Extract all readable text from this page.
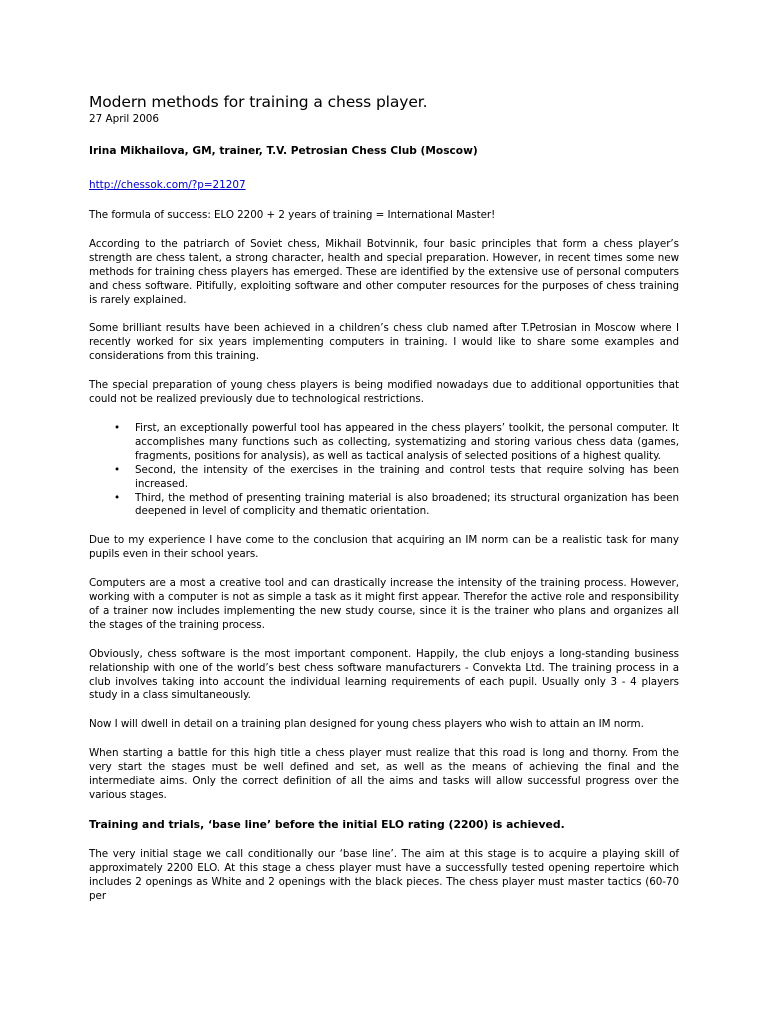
Modern methods for training a chess player.
27 April 2006
Irina Mikhailova, GM, trainer, T.V. Petrosian Chess Club (Moscow)
http://chessok.com/?p=21207

The formula of success: ELO 2200 + 2 years of training = International Master!

According to the patriarch of Soviet chess, Mikhail Botvinnik, four basic principles that form a chess player’s strength are chess talent, a strong character, health and special preparation. However, in recent times some new methods for training chess players has emerged. These are identified by the extensive use of personal computers and chess software. Pitifully, exploiting software and other computer resources for the purposes of chess training is rarely explained.

Some brilliant results have been achieved in a children’s chess club named after T.Petrosian in Moscow where I recently worked for six years implementing computers in training. I would like to share some examples and considerations from this training.

The special preparation of young chess players is being modified nowadays due to additional opportunities that could not be realized previously due to technological restrictions.

• First, an exceptionally powerful tool has appeared in the chess players’ toolkit, the personal computer. It accomplishes many functions such as collecting, systematizing and storing various chess data (games, fragments, positions for analysis), as well as tactical analysis of selected positions of a highest quality.
• Second, the intensity of the exercises in the training and control tests that require solving has been increased.
• Third, the method of presenting training material is also broadened; its structural organization has been deepened in level of complicity and thematic orientation.

Due to my experience I have come to the conclusion that acquiring an IM norm can be a realistic task for many pupils even in their school years.

Computers are a most a creative tool and can drastically increase the intensity of the training process. However, working with a computer is not as simple a task as it might first appear. Therefor the active role and responsibility of a trainer now includes implementing the new study course, since it is the trainer who plans and organizes all the stages of the training process.

Obviously, chess software is the most important component. Happily, the club enjoys a long-standing business relationship with one of the world’s best chess software manufacturers - Convekta Ltd. The training process in a club involves taking into account the individual learning requirements of each pupil. Usually only 3 - 4 players study in a class simultaneously.

Now I will dwell in detail on a training plan designed for young chess players who wish to attain an IM norm.

When starting a battle for this high title a chess player must realize that this road is long and thorny. From the very start the stages must be well defined and set, as well as the means of achieving the final and the intermediate aims. Only the correct definition of all the aims and tasks will allow successful progress over the various stages.

Training and trials, ‘base line’ before the initial ELO rating (2200) is achieved.

The very initial stage we call conditionally our ‘base line’. The aim at this stage is to acquire a playing skill of approximately 2200 ELO. At this stage a chess player must have a successfully tested opening repertoire which includes 2 openings as White and 2 openings with the black pieces. The chess player must master tactics (60-70 per
